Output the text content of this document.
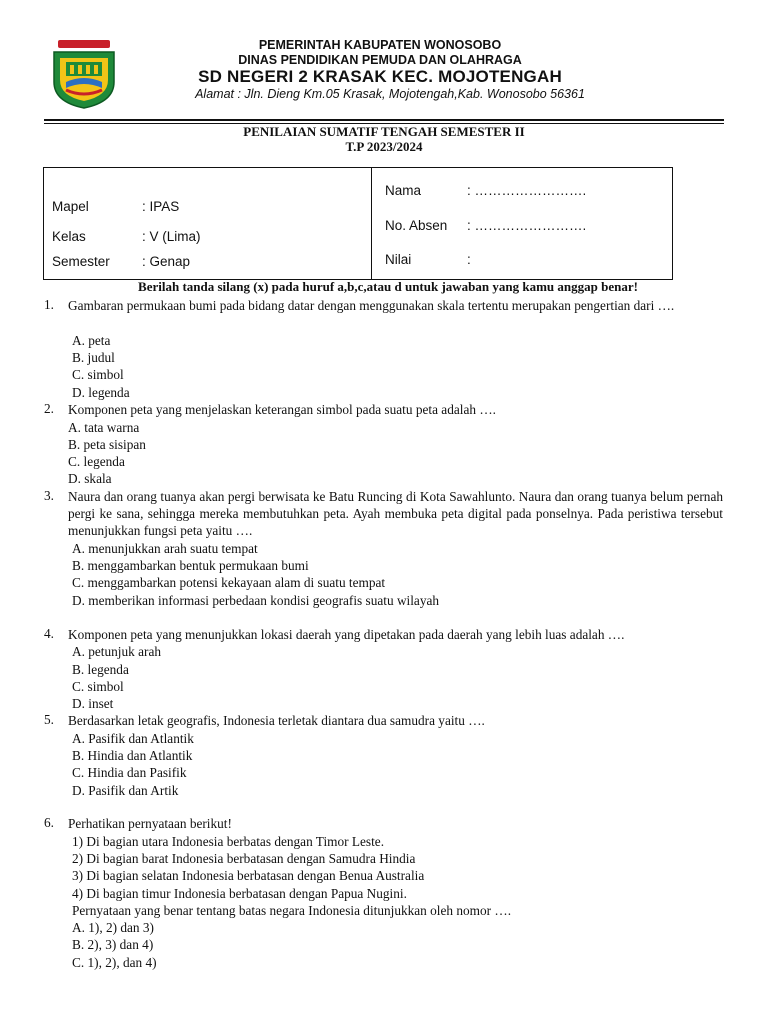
PEMERINTAH KABUPATEN WONOSOBO
DINAS PENDIDIKAN PEMUDA DAN OLAHRAGA
SD NEGERI 2 KRASAK KEC. MOJOTENGAH
Alamat : Jln. Dieng Km.05 Krasak, Mojotengah,Kab. Wonosobo 56361
PENILAIAN SUMATIF TENGAH SEMESTER II
T.P 2023/2024
Mapel	: IPAS
Kelas	: V (Lima)
Semester : Genap
Nama	: …………………….
No. Absen : …………………….
Nilai	:
Berilah tanda silang (x) pada huruf a,b,c,atau d untuk jawaban yang kamu anggap benar!
1. Gambaran permukaan bumi pada bidang datar dengan menggunakan skala tertentu merupakan pengertian dari ….
A. peta
B. judul
C. simbol
D. legenda
2. Komponen peta yang menjelaskan keterangan simbol pada suatu peta adalah ….
A. tata warna
B. peta sisipan
C. legenda
D. skala
3. Naura dan orang tuanya akan pergi berwisata ke Batu Runcing di Kota Sawahlunto. Naura dan orang tuanya belum pernah pergi ke sana, sehingga mereka membutuhkan peta. Ayah membuka peta digital pada ponselnya. Pada peristiwa tersebut menunjukkan fungsi peta yaitu ….
A. menunjukkan arah suatu tempat
B. menggambarkan bentuk permukaan bumi
C. menggambarkan potensi kekayaan alam di suatu tempat
D. memberikan informasi perbedaan kondisi geografis suatu wilayah
4. Komponen peta yang menunjukkan lokasi daerah yang dipetakan pada daerah yang lebih luas adalah ….
A. petunjuk arah
B. legenda
C. simbol
D. inset
5. Berdasarkan letak geografis, Indonesia terletak diantara dua samudra yaitu ….
A. Pasifik dan Atlantik
B. Hindia dan Atlantik
C. Hindia dan Pasifik
D. Pasifik dan Artik
6. Perhatikan pernyataan berikut!
1) Di bagian utara Indonesia berbatas dengan Timor Leste.
2) Di bagian barat Indonesia berbatasan dengan Samudra Hindia
3) Di bagian selatan Indonesia berbatasan dengan Benua Australia
4) Di bagian timur Indonesia berbatasan dengan Papua Nugini.
Pernyataan yang benar tentang batas negara Indonesia ditunjukkan oleh nomor ….
A. 1), 2) dan 3)
B. 2), 3) dan 4)
C. 1), 2), dan 4)
